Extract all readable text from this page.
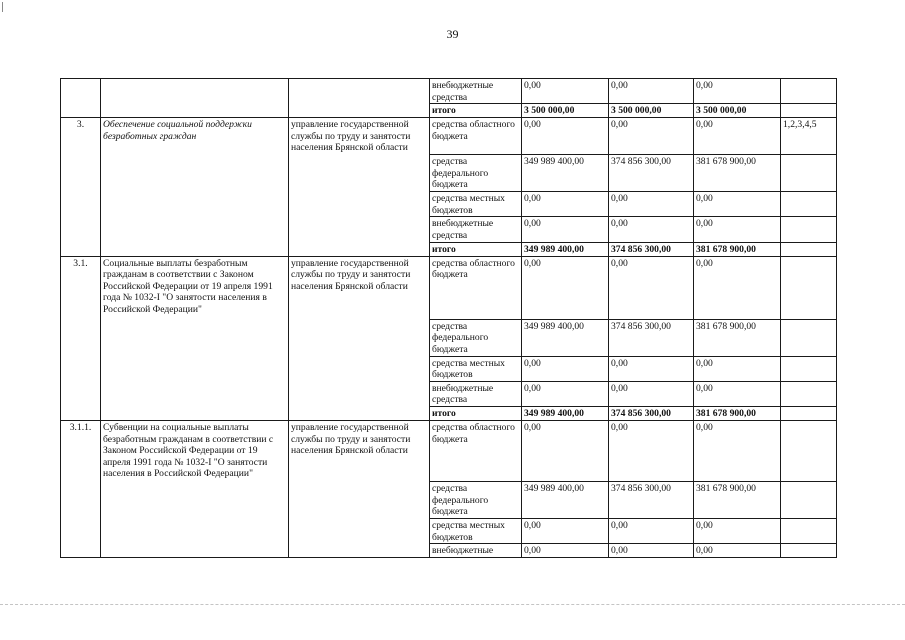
39
			внебюджетные средства	0,00	0,00	0,00	
			итого	3 500 000,00	3 500 000,00	3 500 000,00	
3.	Обеспечение социальной поддержки безработных граждан	управление государственной службы по труду и занятости населения Брянской области	средства областного бюджета	0,00	0,00	0,00	1,2,3,4,5
			средства федерального бюджета	349 989 400,00	374 856 300,00	381 678 900,00	
			средства местных бюджетов	0,00	0,00	0,00	
			внебюджетные средства	0,00	0,00	0,00	
			итого	349 989 400,00	374 856 300,00	381 678 900,00	
3.1.	Социальные выплаты безработным гражданам в соответствии с Законом Российской Федерации от 19 апреля 1991 года № 1032-I "О занятости населения в Российской Федерации"	управление государственной службы по труду и занятости населения Брянской области	средства областного бюджета	0,00	0,00	0,00	
			средства федерального бюджета	349 989 400,00	374 856 300,00	381 678 900,00	
			средства местных бюджетов	0,00	0,00	0,00	
			внебюджетные средства	0,00	0,00	0,00	
			итого	349 989 400,00	374 856 300,00	381 678 900,00	
3.1.1.	Субвенции на социальные выплаты безработным гражданам в соответствии с Законом Российской Федерации от 19 апреля 1991 года № 1032-I "О занятости населения в Российской Федерации"	управление государственной службы по труду и занятости населения Брянской области	средства областного бюджета	0,00	0,00	0,00	
			средства федерального бюджета	349 989 400,00	374 856 300,00	381 678 900,00	
			средства местных бюджетов	0,00	0,00	0,00	
			внебюджетные	0,00	0,00	0,00	
